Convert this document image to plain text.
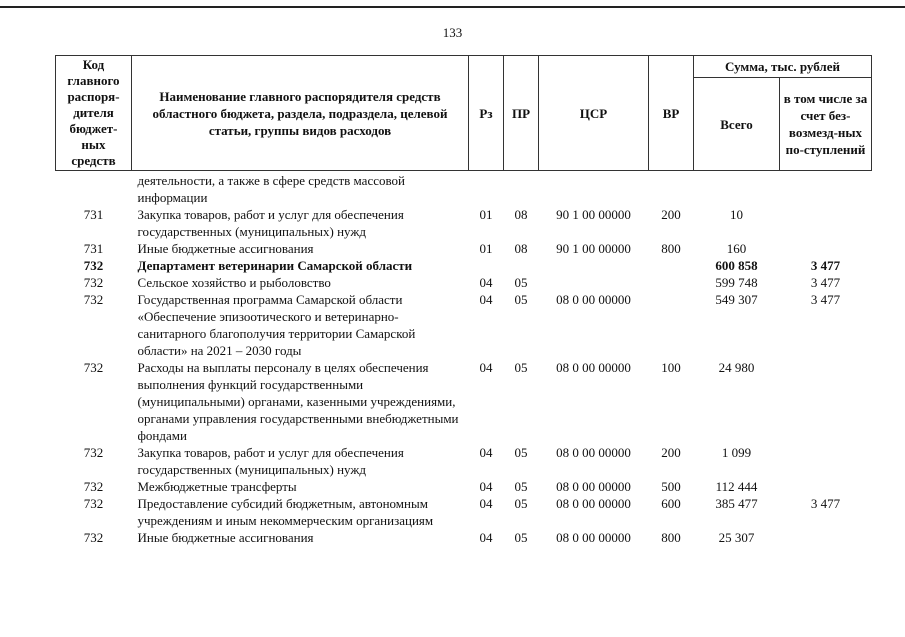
133
Код главного распоря-дителя бюджет-ных средств	Наименование главного распорядителя средств областного бюджета, раздела, подраздела, целевой статьи, группы видов расходов	Рз	ПР	ЦСР	ВР	Сумма, тыс. рублей	
						Всего	в том числе за счет без-возмезд-ных по-ступлений
	деятельности, а также в сфере средств массовой информации						
731	Закупка товаров, работ и услуг для обеспечения государственных (муниципальных) нужд	01	08	90 1 00 00000	200	10	
731	Иные бюджетные ассигнования	01	08	90 1 00 00000	800	160	
732	Департамент ветеринарии Самарской области					600 858	3 477
732	Сельское хозяйство и рыболовство	04	05			599 748	3 477
732	Государственная программа Самарской области «Обеспечение эпизоотического и ветеринарно-санитарного благополучия территории Самарской области» на 2021 – 2030 годы	04	05	08 0 00 00000		549 307	3 477
732	Расходы на выплаты персоналу в целях обеспечения выполнения функций государственными (муниципальными) органами, казенными учреждениями, органами управления государственными внебюджетными фондами	04	05	08 0 00 00000	100	24 980	
732	Закупка товаров, работ и услуг для обеспечения государственных (муниципальных) нужд	04	05	08 0 00 00000	200	1 099	
732	Межбюджетные трансферты	04	05	08 0 00 00000	500	112 444	
732	Предоставление субсидий бюджетным, автономным учреждениям и иным некоммерческим организациям	04	05	08 0 00 00000	600	385 477	3 477
732	Иные бюджетные ассигнования	04	05	08 0 00 00000	800	25 307	
